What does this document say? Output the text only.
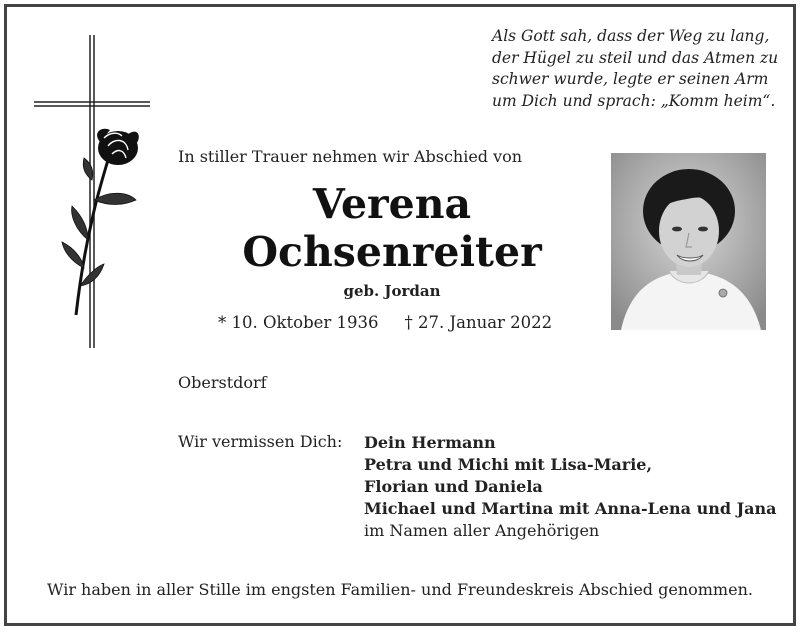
Als Gott sah, dass der Weg zu lang,
der Hügel zu steil und das Atmen zu
schwer wurde, legte er seinen Arm
um Dich und sprach: „Komm heim“.
In stiller Trauer nehmen wir Abschied von
Verena
Ochsenreiter
geb. Jordan
* 10. Oktober 1936 † 27. Januar 2022
Oberstdorf
Wir vermissen Dich: Dein Hermann
Petra und Michi mit Lisa-Marie,
Florian und Daniela
Michael und Martina mit Anna-Lena und Jana
im Namen aller Angehörigen
Wir haben in aller Stille im engsten Familien- und Freundeskreis Abschied genommen.
